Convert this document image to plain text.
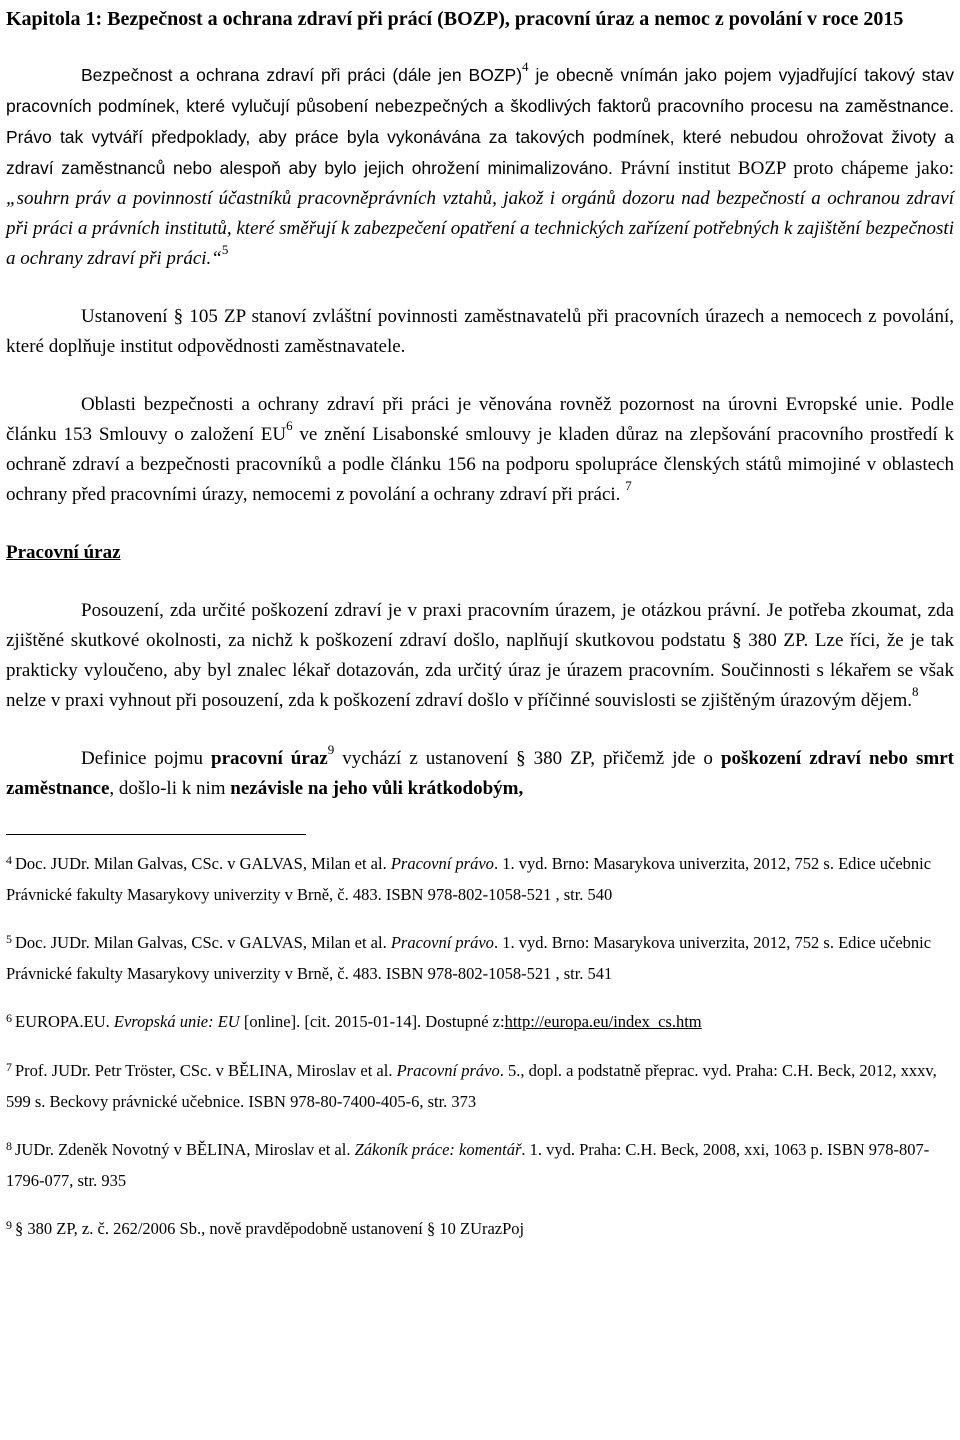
Kapitola 1: Bezpečnost a ochrana zdraví při prácí (BOZP), pracovní úraz a nemoc z povolání v roce 2015

Bezpečnost a ochrana zdraví při práci (dále jen BOZP)$^4$ je obecně vnímán jako pojem vyjadřující takový stav pracovních podmínek, které vylučují působení nebezpečných a škodlivých faktorů pracovního procesu na zaměstnance. Právo tak vytváří předpoklady, aby práce byla vykonávána za takových podmínek, které nebudou ohrožovat životy a zdraví zaměstnanců nebo alespoň aby bylo jejich ohrožení minimalizováno. Právní institut BOZP proto chápeme jako: „souhrn práv a povinností účastníků pracovněprávních vztahů, jakož i orgánů dozoru nad bezpečností a ochranou zdraví při práci a právních institutů, které směřují k zabezpečení opatření a technických zařízení potřebných k zajištění bezpečnosti a ochrany zdraví při práci.“$^5$

Ustanovení § 105 ZP stanoví zvláštní povinnosti zaměstnavatelů při pracovních úrazech a nemocech z povolání, které doplňuje institut odpovědnosti zaměstnavatele.

Oblasti bezpečnosti a ochrany zdraví při práci je věnována rovněž pozornost na úrovni Evropské unie. Podle článku 153 Smlouvy o založení $EU^6$ ve znění Lisabonské smlouvy je kladen důraz na zlepšování pracovního prostředí k ochraně zdraví a bezpečnosti pracovníků a podle článku 156 na podporu spolupráce členských států mimojiné v oblastech ochrany před pracovními úrazy, nemocemi z povolání a ochrany zdraví při práci. $^7$

Pracovní úraz

Posouzení, zda určité poškození zdraví je v praxi pracovním úrazem, je otázkou právní. Je potřeba zkoumat, zda zjištěné skutkové okolnosti, za nichž k poškození zdraví došlo, naplňují skutkovou podstatu § 380 ZP. Lze říci, že je tak prakticky vyloučeno, aby byl znalec lékař dotazován, zda určitý úraz je úrazem pracovním. Součinnosti s lékařem se však nelze v praxi vyhnout při posouzení, zda k poškození zdraví došlo v příčinné souvislosti se zjištěným úrazovým dějem.$^8$

Definice pojmu pracovní úraz$^9$ vychází z ustanovení § 380 ZP, přičemž jde o poškození zdraví nebo smrt zaměstnance, došlo-li k nim nezávisle na jeho vůli krátkodobým,

$^4$ Doc. JUDr. Milan Galvas, CSc. v GALVAS, Milan et al. Pracovní právo. 1. vyd. Brno: Masarykova univerzita, 2012, 752 s. Edice učebnic Právnické fakulty Masarykovy univerzity v Brně, č. 483. ISBN 978-802-1058-521 , str. 540
$^5$ Doc. JUDr. Milan Galvas, CSc. v GALVAS, Milan et al. Pracovní právo. 1. vyd. Brno: Masarykova univerzita, 2012, 752 s. Edice učebnic Právnické fakulty Masarykovy univerzity v Brně, č. 483. ISBN 978-802-1058-521 , str. 541
$^6$ EUROPA.EU. Evropská unie: EU [online]. [cit. 2015-01-14]. Dostupné z:http://europa.eu/index_cs.htm
$^7$ Prof. JUDr. Petr Tröster, CSc. v BĚLINA, Miroslav et al. Pracovní právo. 5., dopl. a podstatně přeprac. vyd. Praha: C.H. Beck, 2012, xxxv, 599 s. Beckovy právnické učebnice. ISBN 978-80-7400-405-6, str. 373
$^8$ JUDr. Zdeněk Novotný v BĚLINA, Miroslav et al. Zákoník práce: komentář. 1. vyd. Praha: C.H. Beck, 2008, xxi, 1063 p. ISBN 978-807-1796-077, str. 935
$^9$ § 380 ZP, z. č. 262/2006 Sb., nově pravděpodobně ustanovení § 10 ZUrazPoj
